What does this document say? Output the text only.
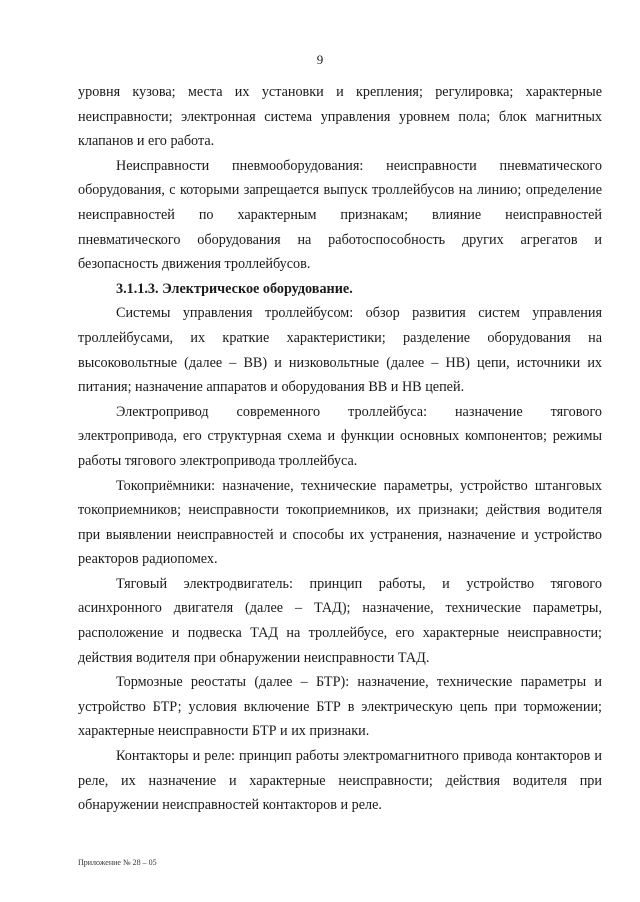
9

уровня кузова; места их установки и крепления; регулировка; характерные неисправности; электронная система управления уровнем пола; блок магнитных клапанов и его работа.

Неисправности пневмооборудования: неисправности пневматического оборудования, с которыми запрещается выпуск троллейбусов на линию; определение неисправностей по характерным признакам; влияние неисправностей пневматического оборудования на работоспособность других агрегатов и безопасность движения троллейбусов.

3.1.1.3. Электрическое оборудование.

Системы управления троллейбусом: обзор развития систем управления троллейбусами, их краткие характеристики; разделение оборудования на высоковольтные (далее – ВВ) и низковольтные (далее – НВ) цепи, источники их питания; назначение аппаратов и оборудования ВВ и НВ цепей.

Электропривод современного троллейбуса: назначение тягового электропривода, его структурная схема и функции основных компонентов; режимы работы тягового электропривода троллейбуса.

Токоприёмники: назначение, технические параметры, устройство штанговых токоприемников; неисправности токоприемников, их признаки; действия водителя при выявлении неисправностей и способы их устранения, назначение и устройство реакторов радиопомех.

Тяговый электродвигатель: принцип работы, и устройство тягового асинхронного двигателя (далее – ТАД); назначение, технические параметры, расположение и подвеска ТАД на троллейбусе, его характерные неисправности; действия водителя при обнаружении неисправности ТАД.

Тормозные реостаты (далее – БТР): назначение, технические параметры и устройство БТР; условия включение БТР в электрическую цепь при торможении; характерные неисправности БТР и их признаки.

Контакторы и реле: принцип работы электромагнитного привода контакторов и реле, их назначение и характерные неисправности; действия водителя при обнаружении неисправностей контакторов и реле.

Приложение № 28 – 05
